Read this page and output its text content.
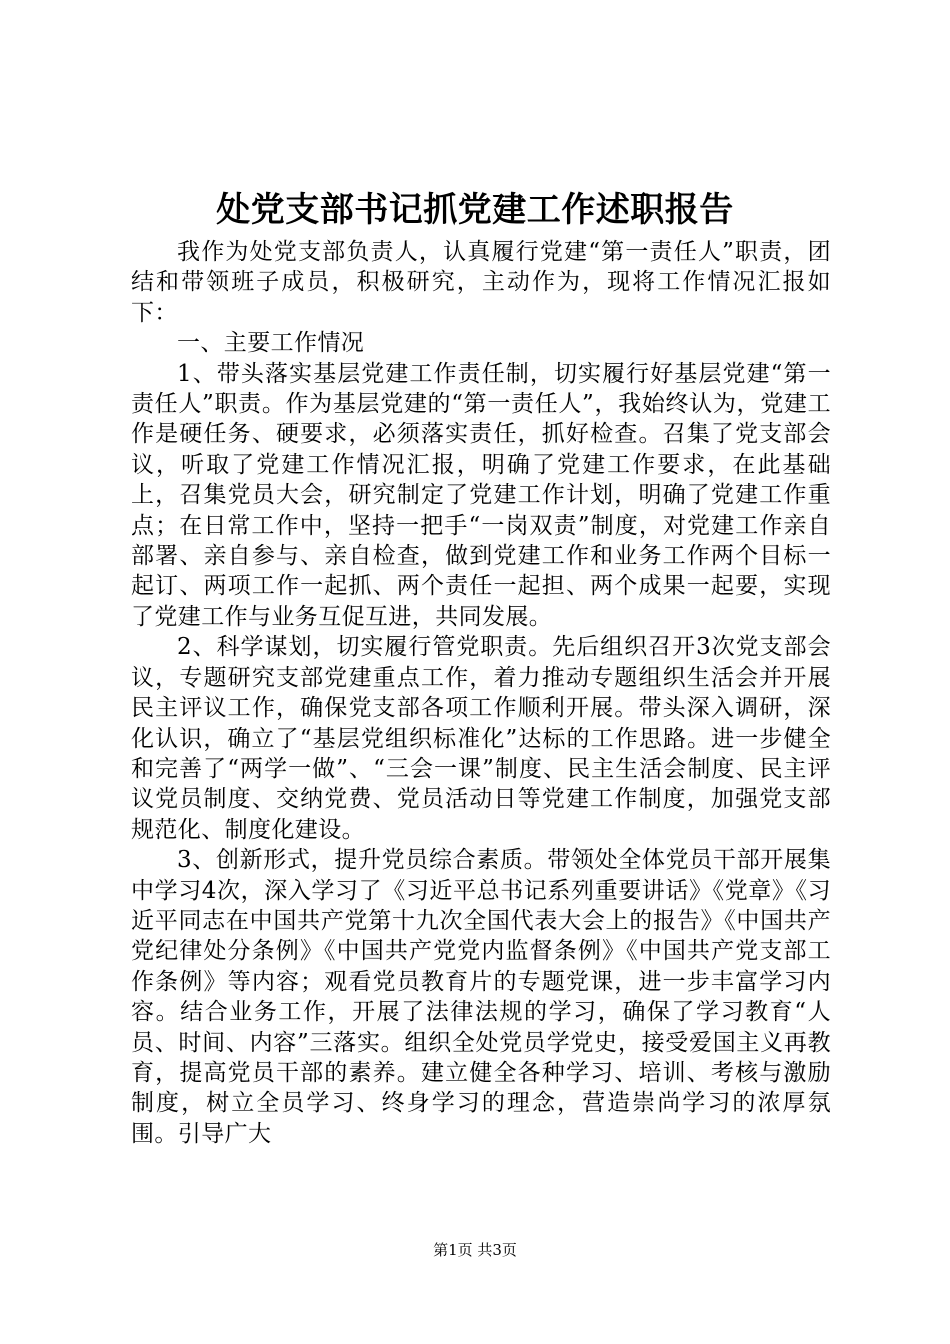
处党支部书记抓党建工作述职报告

我作为处党支部负责人，认真履行党建“第一责任人”职责，团结和带领班子成员，积极研究，主动作为，现将工作情况汇报如下：

一、主要工作情况

1、带头落实基层党建工作责任制，切实履行好基层党建“第一责任人”职责。作为基层党建的“第一责任人”，我始终认为，党建工作是硬任务、硬要求，必须落实责任，抓好检查。召集了党支部会议，听取了党建工作情况汇报，明确了党建工作要求，在此基础上，召集党员大会，研究制定了党建工作计划，明确了党建工作重点；在日常工作中，坚持一把手“一岗双责”制度，对党建工作亲自部署、亲自参与、亲自检查，做到党建工作和业务工作两个目标一起订、两项工作一起抓、两个责任一起担、两个成果一起要，实现了党建工作与业务互促互进，共同发展。

2、科学谋划，切实履行管党职责。先后组织召开3次党支部会议，专题研究支部党建重点工作，着力推动专题组织生活会并开展民主评议工作，确保党支部各项工作顺利开展。带头深入调研，深化认识，确立了“基层党组织标准化”达标的工作思路。进一步健全和完善了“两学一做”、“三会一课”制度、民主生活会制度、民主评议党员制度、交纳党费、党员活动日等党建工作制度，加强党支部规范化、制度化建设。

3、创新形式，提升党员综合素质。带领处全体党员干部开展集中学习4次，深入学习了《习近平总书记系列重要讲话》《党章》《习近平同志在中国共产党第十九次全国代表大会上的报告》《中国共产党纪律处分条例》《中国共产党党内监督条例》《中国共产党支部工作条例》等内容；观看党员教育片的专题党课，进一步丰富学习内容。结合业务工作，开展了法律法规的学习，确保了学习教育“人员、时间、内容”三落实。组织全处党员学党史，接受爱国主义再教育，提高党员干部的素养。建立健全各种学习、培训、考核与激励制度，树立全员学习、终身学习的理念，营造崇尚学习的浓厚氛围。引导广大

第1页 共3页
